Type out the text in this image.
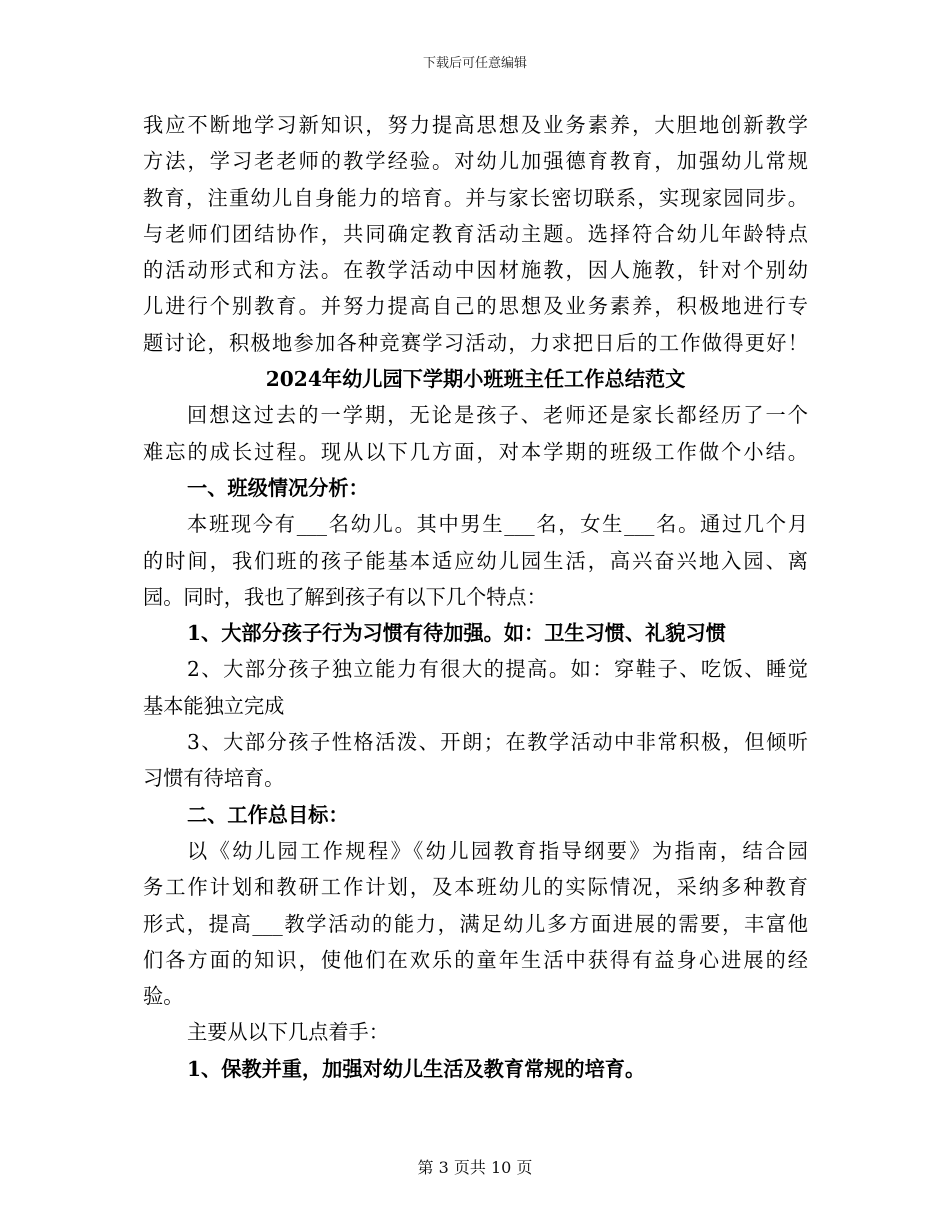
下载后可任意编辑
我应不断地学习新知识，努力提高思想及业务素养，大胆地创新教学
方法，学习老老师的教学经验。对幼儿加强德育教育，加强幼儿常规
教育，注重幼儿自身能力的培育。并与家长密切联系，实现家园同步。
与老师们团结协作，共同确定教育活动主题。选择符合幼儿年龄特点
的活动形式和方法。在教学活动中因材施教，因人施教，针对个别幼
儿进行个别教育。并努力提高自己的思想及业务素养，积极地进行专
题讨论，积极地参加各种竞赛学习活动，力求把日后的工作做得更好！
2024年幼儿园下学期小班班主任工作总结范文
回想这过去的一学期，无论是孩子、老师还是家长都经历了一个
难忘的成长过程。现从以下几方面，对本学期的班级工作做个小结。
一、班级情况分析：
本班现今有___名幼儿。其中男生___名，女生___名。通过几个月
的时间，我们班的孩子能基本适应幼儿园生活，高兴奋兴地入园、离
园。同时，我也了解到孩子有以下几个特点：
1、大部分孩子行为习惯有待加强。如：卫生习惯、礼貌习惯
2、大部分孩子独立能力有很大的提高。如：穿鞋子、吃饭、睡觉
基本能独立完成
3、大部分孩子性格活泼、开朗；在教学活动中非常积极，但倾听
习惯有待培育。
二、工作总目标：
以《幼儿园工作规程》《幼儿园教育指导纲要》为指南，结合园
务工作计划和教研工作计划，及本班幼儿的实际情况，采纳多种教育
形式，提高___教学活动的能力，满足幼儿多方面进展的需要，丰富他
们各方面的知识，使他们在欢乐的童年生活中获得有益身心进展的经
验。
主要从以下几点着手：
1、保教并重，加强对幼儿生活及教育常规的培育。
第 3 页共 10 页
